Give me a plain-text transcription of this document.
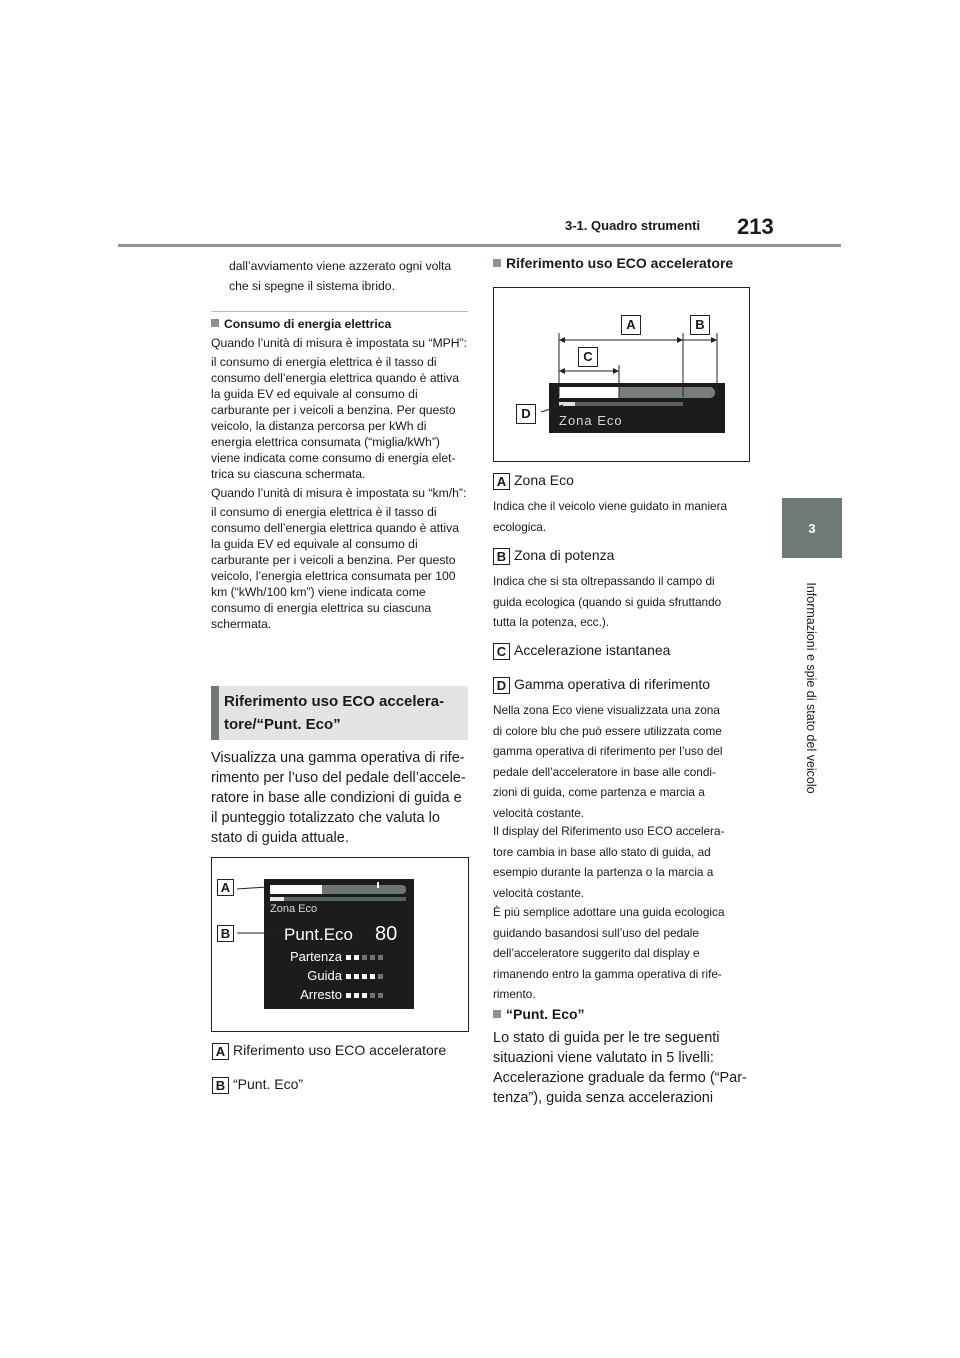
3-1. Quadro strumenti 213
3
Informazioni e spie di stato del veicolo
dall’avviamento viene azzerato ogni volta
che si spegne il sistema ibrido.
Consumo di energia elettrica

Quando l’unità di misura è impostata su “MPH”:

il consumo di energia elettrica è il tasso di consumo dell’energia elettrica quando è attiva la guida EV ed equivale al consumo di carburante per i veicoli a benzina. Per questo veicolo, la distanza percorsa per kWh di energia elettrica consumata (“miglia/kWh”) viene indicata come consumo di energia elet-trica su ciascuna schermata.

Quando l’unità di misura è impostata su “km/h”:

il consumo di energia elettrica è il tasso di consumo dell’energia elettrica quando è attiva la guida EV ed equivale al consumo di carburante per i veicoli a benzina. Per questo veicolo, l’energia elettrica consumata per 100 km (“kWh/100 km”) viene indicata come consumo di energia elettrica su ciascuna schermata.

Riferimento uso ECO accelera-
tore/“Punt. Eco”
Visualizza una gamma operativa di rife-
rimento per l’uso del pedale dell’accele-
ratore in base alle condizioni di guida e
il punteggio totalizzato che valuta lo
stato di guida attuale.
Zona Eco
Punt.Eco 80
Partenza
Guida
Arresto
A
B
A Riferimento uso ECO acceleratore
B “Punt. Eco”
Riferimento uso ECO acceleratore
Zona Eco
A	B
C
D
A Zona Eco
Indica che il veicolo viene guidato in maniera
ecologica.
B Zona di potenza
Indica che si sta oltrepassando il campo di
guida ecologica (quando si guida sfruttando
tutta la potenza, ecc.).
C Accelerazione istantanea
D Gamma operativa di riferimento
Nella zona Eco viene visualizzata una zona
di colore blu che può essere utilizzata come
gamma operativa di riferimento per l’uso del
pedale dell’acceleratore in base alle condi-
zioni di guida, come partenza e marcia a
velocità costante.
Il display del Riferimento uso ECO accelera-
tore cambia in base allo stato di guida, ad
esempio durante la partenza o la marcia a
velocità costante.
È più semplice adottare una guida ecologica
guidando basandosi sull’uso del pedale
dell’acceleratore suggerito dal display e
rimanendo entro la gamma operativa di rife-
rimento.
“Punt. Eco”
Lo stato di guida per le tre seguenti
situazioni viene valutato in 5 livelli:
Accelerazione graduale da fermo (“Par-
tenza”), guida senza accelerazioni
